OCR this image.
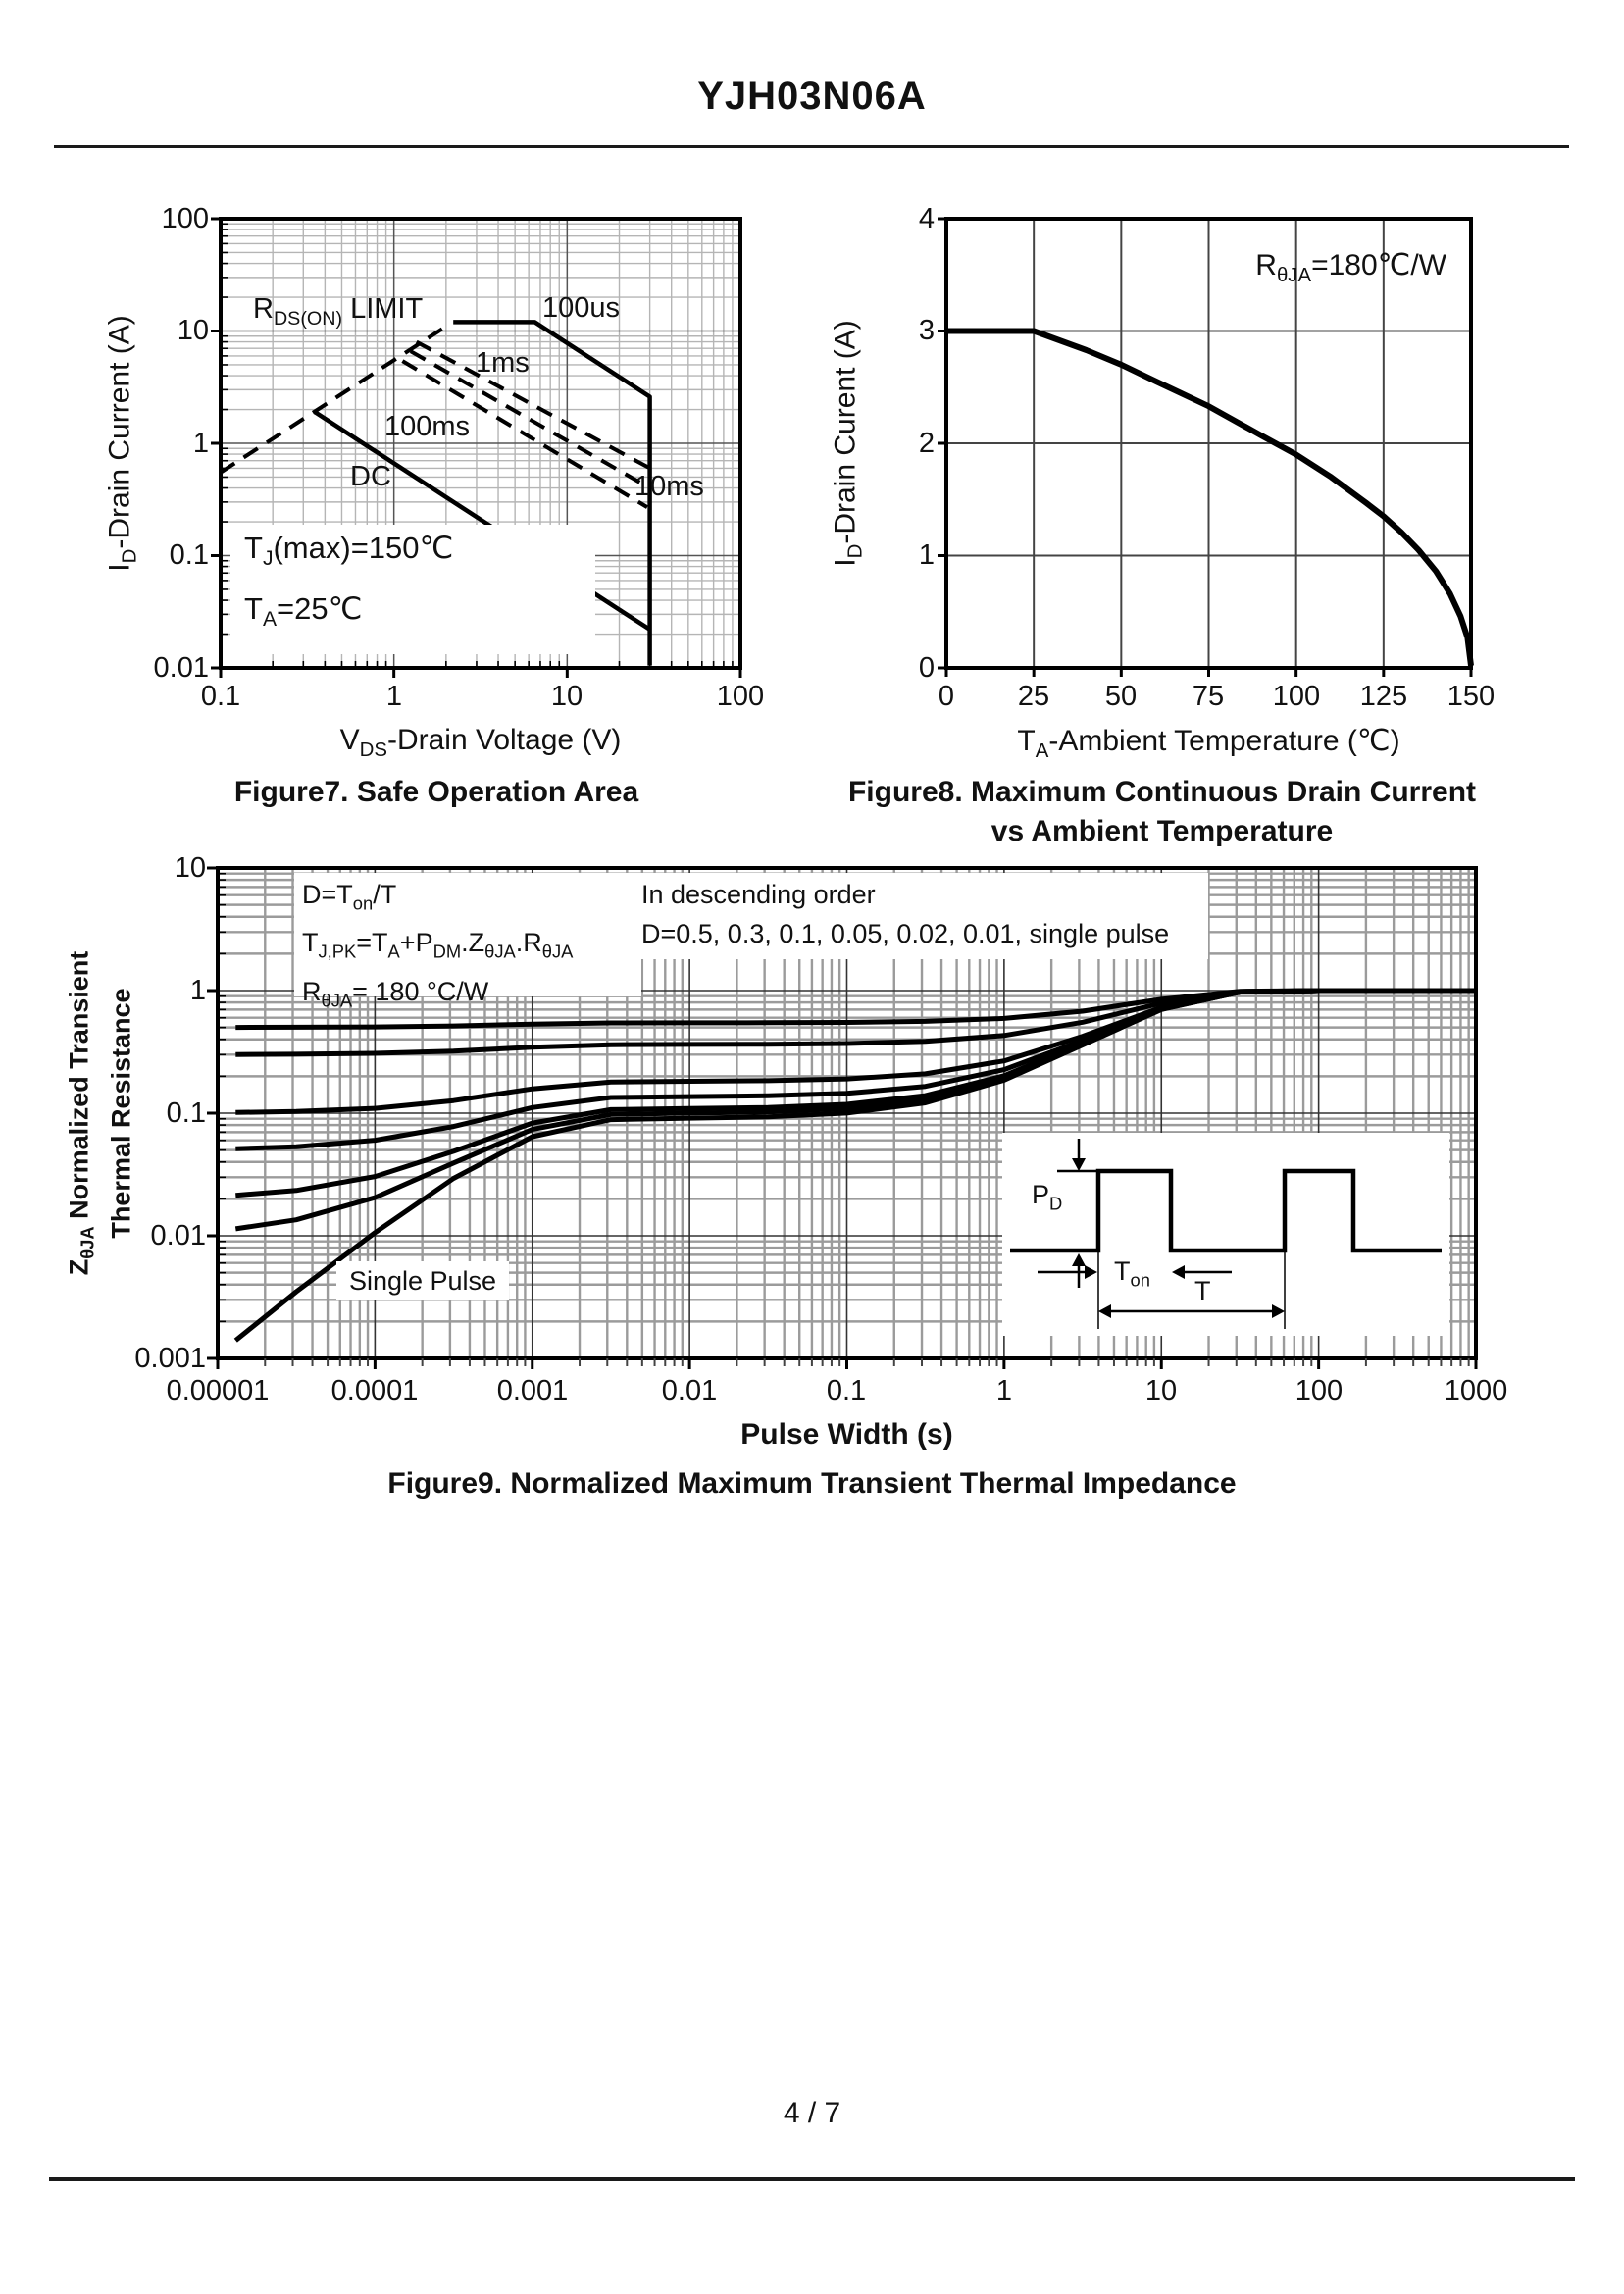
YJH03N06A
100
10
1
0.1
0.01
0.1	1	10	100
$V_{DS}$-Drain Voltage (V)
$I_D$-Drain Current (A)
Figure7. Safe Operation Area
$R_{DS(ON)}$ LIMIT	100us
1ms
100ms
DC	10ms
$T_J(\max)=150℃$
$T_A=25℃$
4
3
2
1
0
0	25	50	75	100	125	150
$T_A$-Ambient Temperature (℃)
$I_D$-Drain Curent (A)
$R_{\theta JA}=180℃/W$
Figure8. Maximum Continuous Drain Current
vs Ambient Temperature
10
1
0.1
0.01
0.001
0.00001	0.0001	0.001	0.01	0.1	1	10	100	1000
Pulse Width (s)
$Z_{\theta JA}$ Normalized Transient Thermal Resistance
Figure9. Normalized Maximum Transient Thermal Impedance
$D=T_{on}/T$
$T_{J,PK}=T_A+P_{DM}.Z_{\theta JA}.R_{\theta JA}$
$R_{\theta JA}= 180$ °C/W
In descending order
D=0.5, 0.3, 0.1, 0.05, 0.02, 0.01, single pulse
Single Pulse
$P_D$
$T_{on}$ T
4 / 7
